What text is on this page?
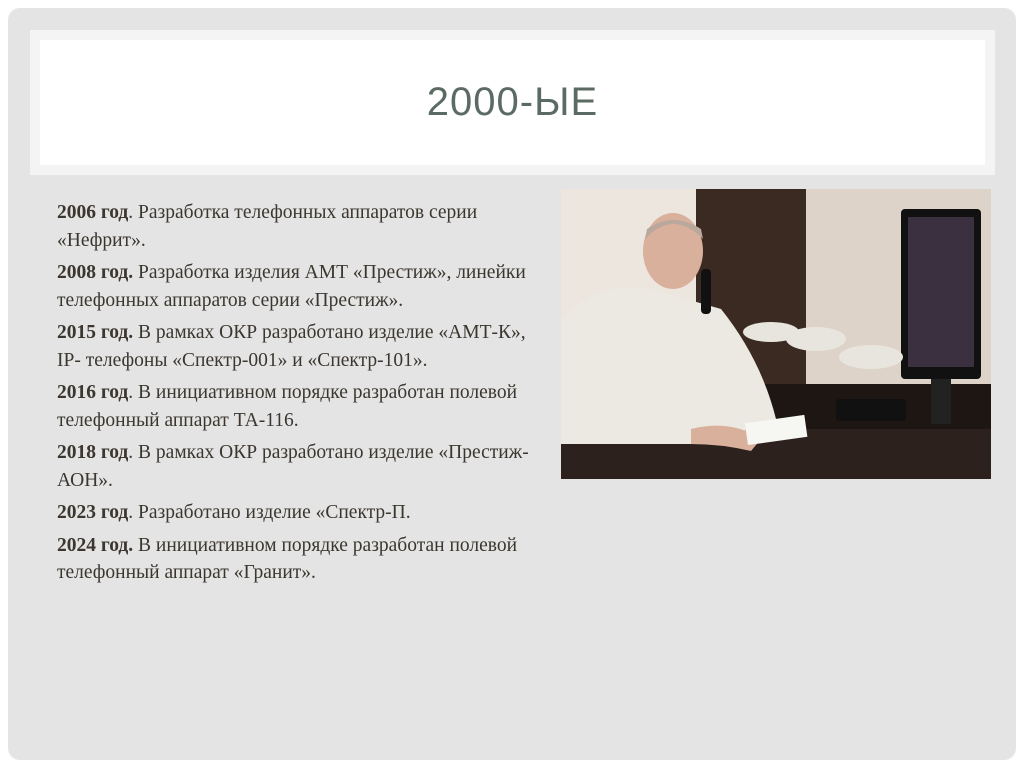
2000-ЫЕ

2006 год. Разработка телефонных аппаратов серии «Нефрит».

2008 год. Разработка изделия АМТ «Престиж», линейки телефонных аппаратов серии «Престиж».

2015 год. В рамках ОКР разработано изделие «АМТ-К», IP- телефоны «Спектр-001» и «Спектр-101».

2016 год. В инициативном порядке разработан полевой телефонный аппарат ТА-116.

2018 год. В рамках ОКР разработано изделие «Престиж-АОН».

2023 год. Разработано изделие «Спектр-П.

2024 год. В инициативном порядке разработан полевой телефонный аппарат «Гранит».
